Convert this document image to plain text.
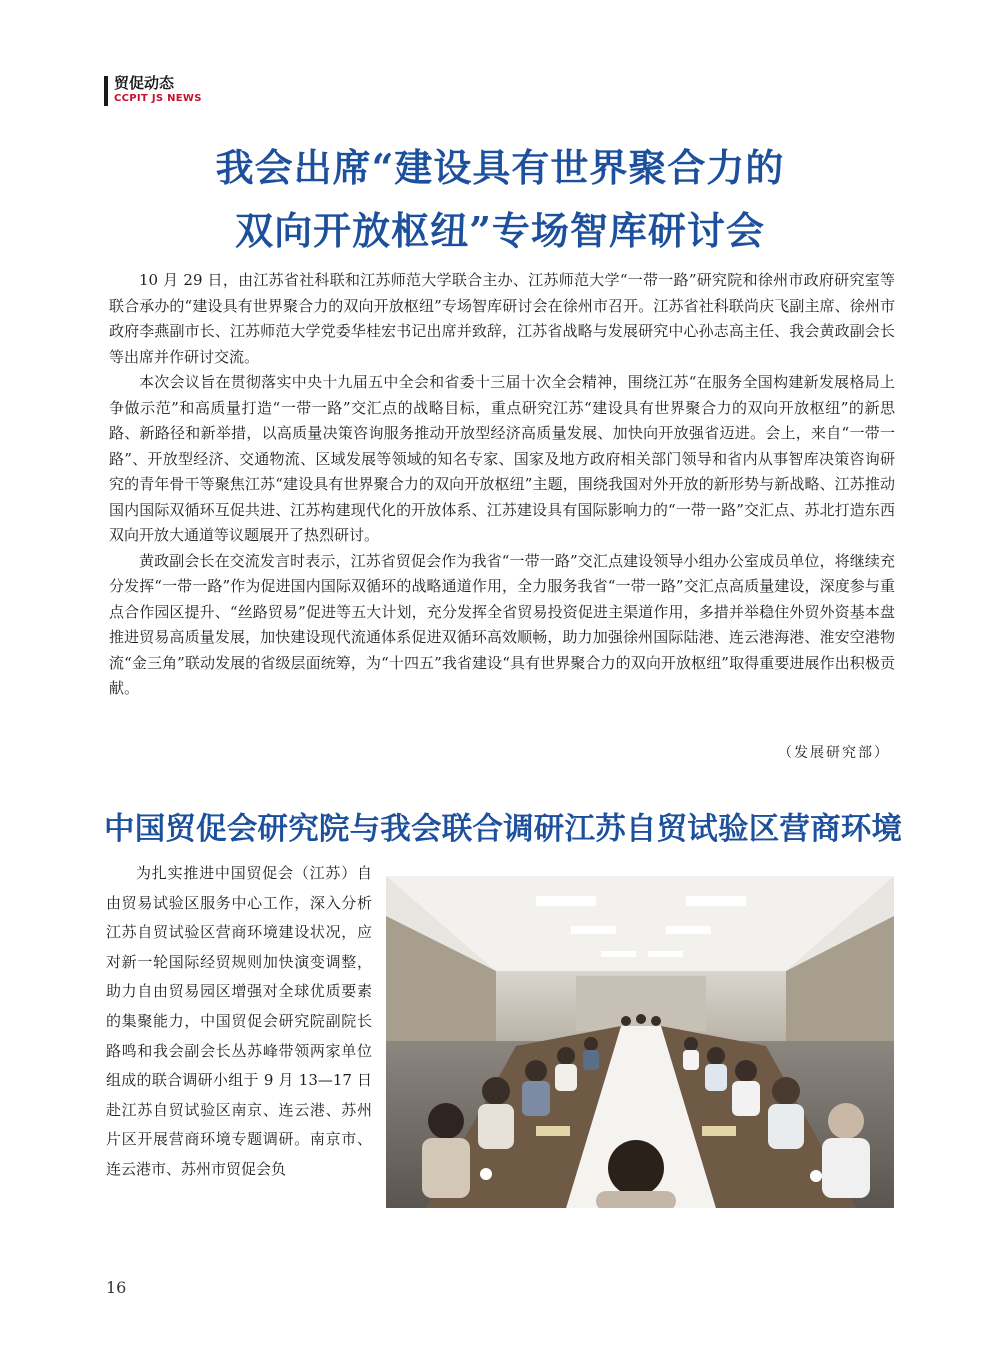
贸促动态
CCPIT JS NEWS
我会出席“建设具有世界聚合力的
双向开放枢纽”专场智库研讨会

10 月 29 日，由江苏省社科联和江苏师范大学联合主办、江苏师范大学“一带一路”研究院和徐州市政府研究室等联合承办的“建设具有世界聚合力的双向开放枢纽”专场智库研讨会在徐州市召开。江苏省社科联尚庆飞副主席、徐州市政府李燕副市长、江苏师范大学党委华桂宏书记出席并致辞，江苏省战略与发展研究中心孙志高主任、我会黄政副会长等出席并作研讨交流。

本次会议旨在贯彻落实中央十九届五中全会和省委十三届十次全会精神，围绕江苏“在服务全国构建新发展格局上争做示范”和高质量打造“一带一路”交汇点的战略目标，重点研究江苏“建设具有世界聚合力的双向开放枢纽”的新思路、新路径和新举措，以高质量决策咨询服务推动开放型经济高质量发展、加快向开放强省迈进。会上，来自“一带一路”、开放型经济、交通物流、区域发展等领域的知名专家、国家及地方政府相关部门领导和省内从事智库决策咨询研究的青年骨干等聚焦江苏“建设具有世界聚合力的双向开放枢纽”主题，围绕我国对外开放的新形势与新战略、江苏推动国内国际双循环互促共进、江苏构建现代化的开放体系、江苏建设具有国际影响力的“一带一路”交汇点、苏北打造东西双向开放大通道等议题展开了热烈研讨。

黄政副会长在交流发言时表示，江苏省贸促会作为我省“一带一路”交汇点建设领导小组办公室成员单位，将继续充分发挥“一带一路”作为促进国内国际双循环的战略通道作用，全力服务我省“一带一路”交汇点高质量建设，深度参与重点合作园区提升、“丝路贸易”促进等五大计划，充分发挥全省贸易投资促进主渠道作用，多措并举稳住外贸外资基本盘推进贸易高质量发展，加快建设现代流通体系促进双循环高效顺畅，助力加强徐州国际陆港、连云港海港、淮安空港物流“金三角”联动发展的省级层面统筹，为“十四五”我省建设“具有世界聚合力的双向开放枢纽”取得重要进展作出积极贡献。

（发展研究部）
中国贸促会研究院与我会联合调研江苏自贸试验区营商环境

为扎实推进中国贸促会（江苏）自由贸易试验区服务中心工作，深入分析江苏自贸试验区营商环境建设状况，应对新一轮国际经贸规则加快演变调整，助力自由贸易园区增强对全球优质要素的集聚能力，中国贸促会研究院副院长路鸣和我会副会长丛苏峰带领两家单位组成的联合调研小组于 9 月 13—17 日赴江苏自贸试验区南京、连云港、苏州片区开展营商环境专题调研。南京市、连云港市、苏州市贸促会负

16
